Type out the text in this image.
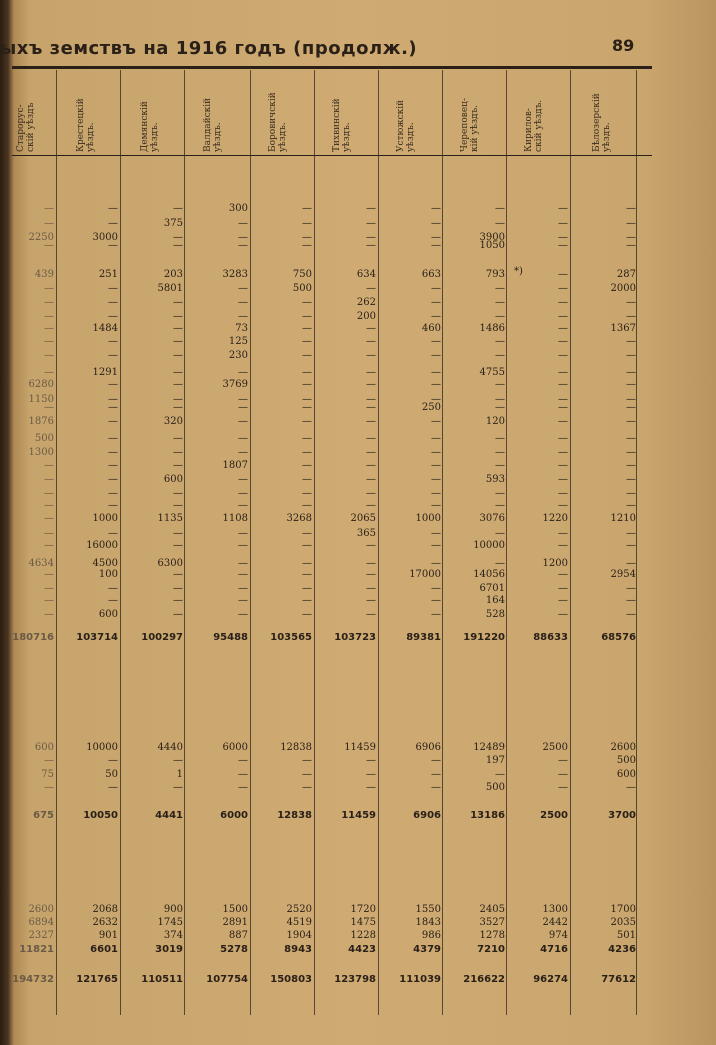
ыхъ земствъ на 1916 годъ (продолж.)	89
*)
Старорус-
скій уѣздъ	Крестецкій
уѣздъ.	Демянскій
уѣздъ.	Валдайскій
уѣздъ.	Боровичскій
уѣздъ.	Тихвинскій
уѣздъ.	Устюжскій
уѣздъ.	Череповец-
кій уѣздъ.	Кирилов-
скій уѣздъ.	Бѣлозерскій
уѣздъ.
—	—	—	300	—	—	—	—	—	—
—	—	375	—	—	—	—	—	—	—
2250	3000	—	—	—	—	—	3900	—	—
—	—	—	—	—	—	—	1050	—	—
439	251	203	3283	750	634	663	793	—	287
—	—	5801	—	500	—	—	—	—	2000
—	—	—	—	—	262	—	—	—	—
—	—	—	—	—	200	—	—	—	—
—	1484	—	73	—	—	460	1486	—	1367
—	—	—	125	—	—	—	—	—	—
—	—	—	230	—	—	—	—	—	—
—	1291	—	—	—	—	—	4755	—	—
6280	—	—	3769	—	—	—	—	—	—
1150	—	—	—	—	—	—	—	—	—
—	—	—	—	—	—	250	—	—	—
1876	—	320	—	—	—	—	120	—	—
500	—	—	—	—	—	—	—	—	—
1300	—	—	—	—	—	—	—	—	—
—	—	—	1807	—	—	—	—	—	—
—	—	600	—	—	—	—	593	—	—
—	—	—	—	—	—	—	—	—	—
—	—	—	—	—	—	—	—	—	—
—	1000	1135	1108	3268	2065	1000	3076	1220	1210
—	—	—	—	—	365	—	—	—	—
—	16000	—	—	—	—	—	10000	—	—
4634	4500	6300	—	—	—	—	—	1200	—
—	100	—	—	—	—	17000	14056	—	2954
—	—	—	—	—	—	—	6701	—	—
—	—	—	—	—	—	—	164	—	—
—	600	—	—	—	—	—	528	—	—
180716 103714 100297	95488 103565 103723	89381 191220	88633	68576
600	10000	4440	6000	12838	11459	6906	12489	2500	2600
—	—	—	—	—	—	—	197	—	500
75	50	1	—	—	—	—	—	—	600
—	—	—	—	—	—	—	500	—	—
675	10050	4441	6000	12838	11459	6906	13186	2500	3700
2600	2068	900	1500	2520	1720	1550	2405	1300	1700
6894	2632	1745	2891	4519	1475	1843	3527	2442	2035
2327	901	374	887	1904	1228	986	1278	974	501
11821	6601	3019	5278	8943	4423	4379	7210	4716	4236
194732 121765 110511 107754 150803 123798 111039 216622	96274	77612
